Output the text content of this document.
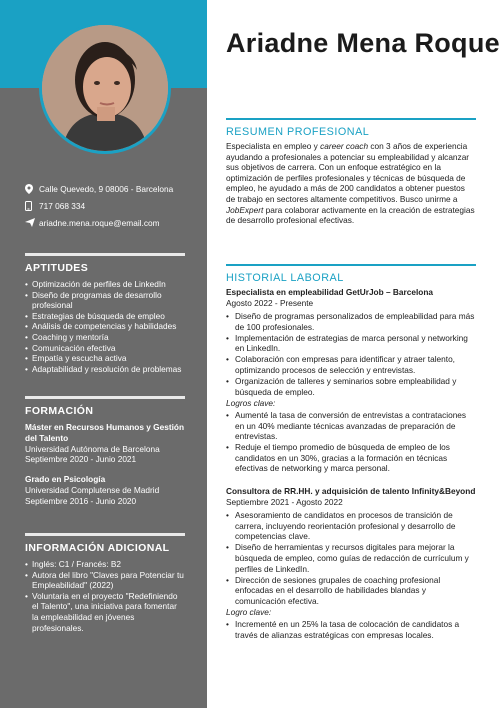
Calle Quevedo, 9 08006 - Barcelona
717 068 334
ariadne.mena.roque@email.com
APTITUDES
• Optimización de perfiles de LinkedIn
• Diseño de programas de desarrollo profesional
• Estrategias de búsqueda de empleo
• Análisis de competencias y habilidades
• Coaching y mentoría
• Comunicación efectiva
• Empatía y escucha activa
• Adaptabilidad y resolución de problemas
FORMACIÓN
Máster en Recursos Humanos y Gestión del Talento
Universidad Autónoma de Barcelona
Septiembre 2020 - Junio 2021
Grado en Psicología
Universidad Complutense de Madrid
Septiembre 2016 - Junio 2020
INFORMACIÓN ADICIONAL
• Inglés: C1 / Francés: B2
• Autora del libro "Claves para Potenciar tu Empleabilidad" (2022)
• Voluntaria en el proyecto "Redefiniendo el Talento", una iniciativa para fomentar la empleabilidad en jóvenes profesionales.
Ariadne Mena Roque
RESUMEN PROFESIONAL

Especialista en empleo y career coach con 3 años de experiencia ayudando a profesionales a potenciar su empleabilidad y alcanzar sus objetivos de carrera. Con un enfoque estratégico en la optimización de perfiles profesionales y técnicas de búsqueda de empleo, he ayudado a más de 200 candidatos a obtener puestos de trabajo en sectores altamente competitivos. Busco unirme a JobExpert para colaborar activamente en la creación de estrategias de desarrollo profesional efectivas.

HISTORIAL LABORAL
Especialista en empleabilidad GetUrJob – Barcelona
Agosto 2022 - Presente
• Diseño de programas personalizados de empleabilidad para más de 100 profesionales.
• Implementación de estrategias de marca personal y networking en LinkedIn.
• Colaboración con empresas para identificar y atraer talento, optimizando procesos de selección y entrevistas.
• Organización de talleres y seminarios sobre empleabilidad y búsqueda de empleo.
Logros clave:
• Aumenté la tasa de conversión de entrevistas a contrataciones en un 40% mediante técnicas avanzadas de preparación de entrevistas.
• Reduje el tiempo promedio de búsqueda de empleo de los candidatos en un 30%, gracias a la formación en técnicas efectivas de networking y marca personal.
Consultora de RR.HH. y adquisición de talento Infinity&Beyond
Septiembre 2021 - Agosto 2022
• Asesoramiento de candidatos en procesos de transición de carrera, incluyendo reorientación profesional y desarrollo de competencias clave.
• Diseño de herramientas y recursos digitales para mejorar la búsqueda de empleo, como guías de redacción de currículum y perfiles de LinkedIn.
• Dirección de sesiones grupales de coaching profesional enfocadas en el desarrollo de habilidades blandas y comunicación efectiva.
Logro clave:
• Incrementé en un 25% la tasa de colocación de candidatos a través de alianzas estratégicas con empresas locales.
